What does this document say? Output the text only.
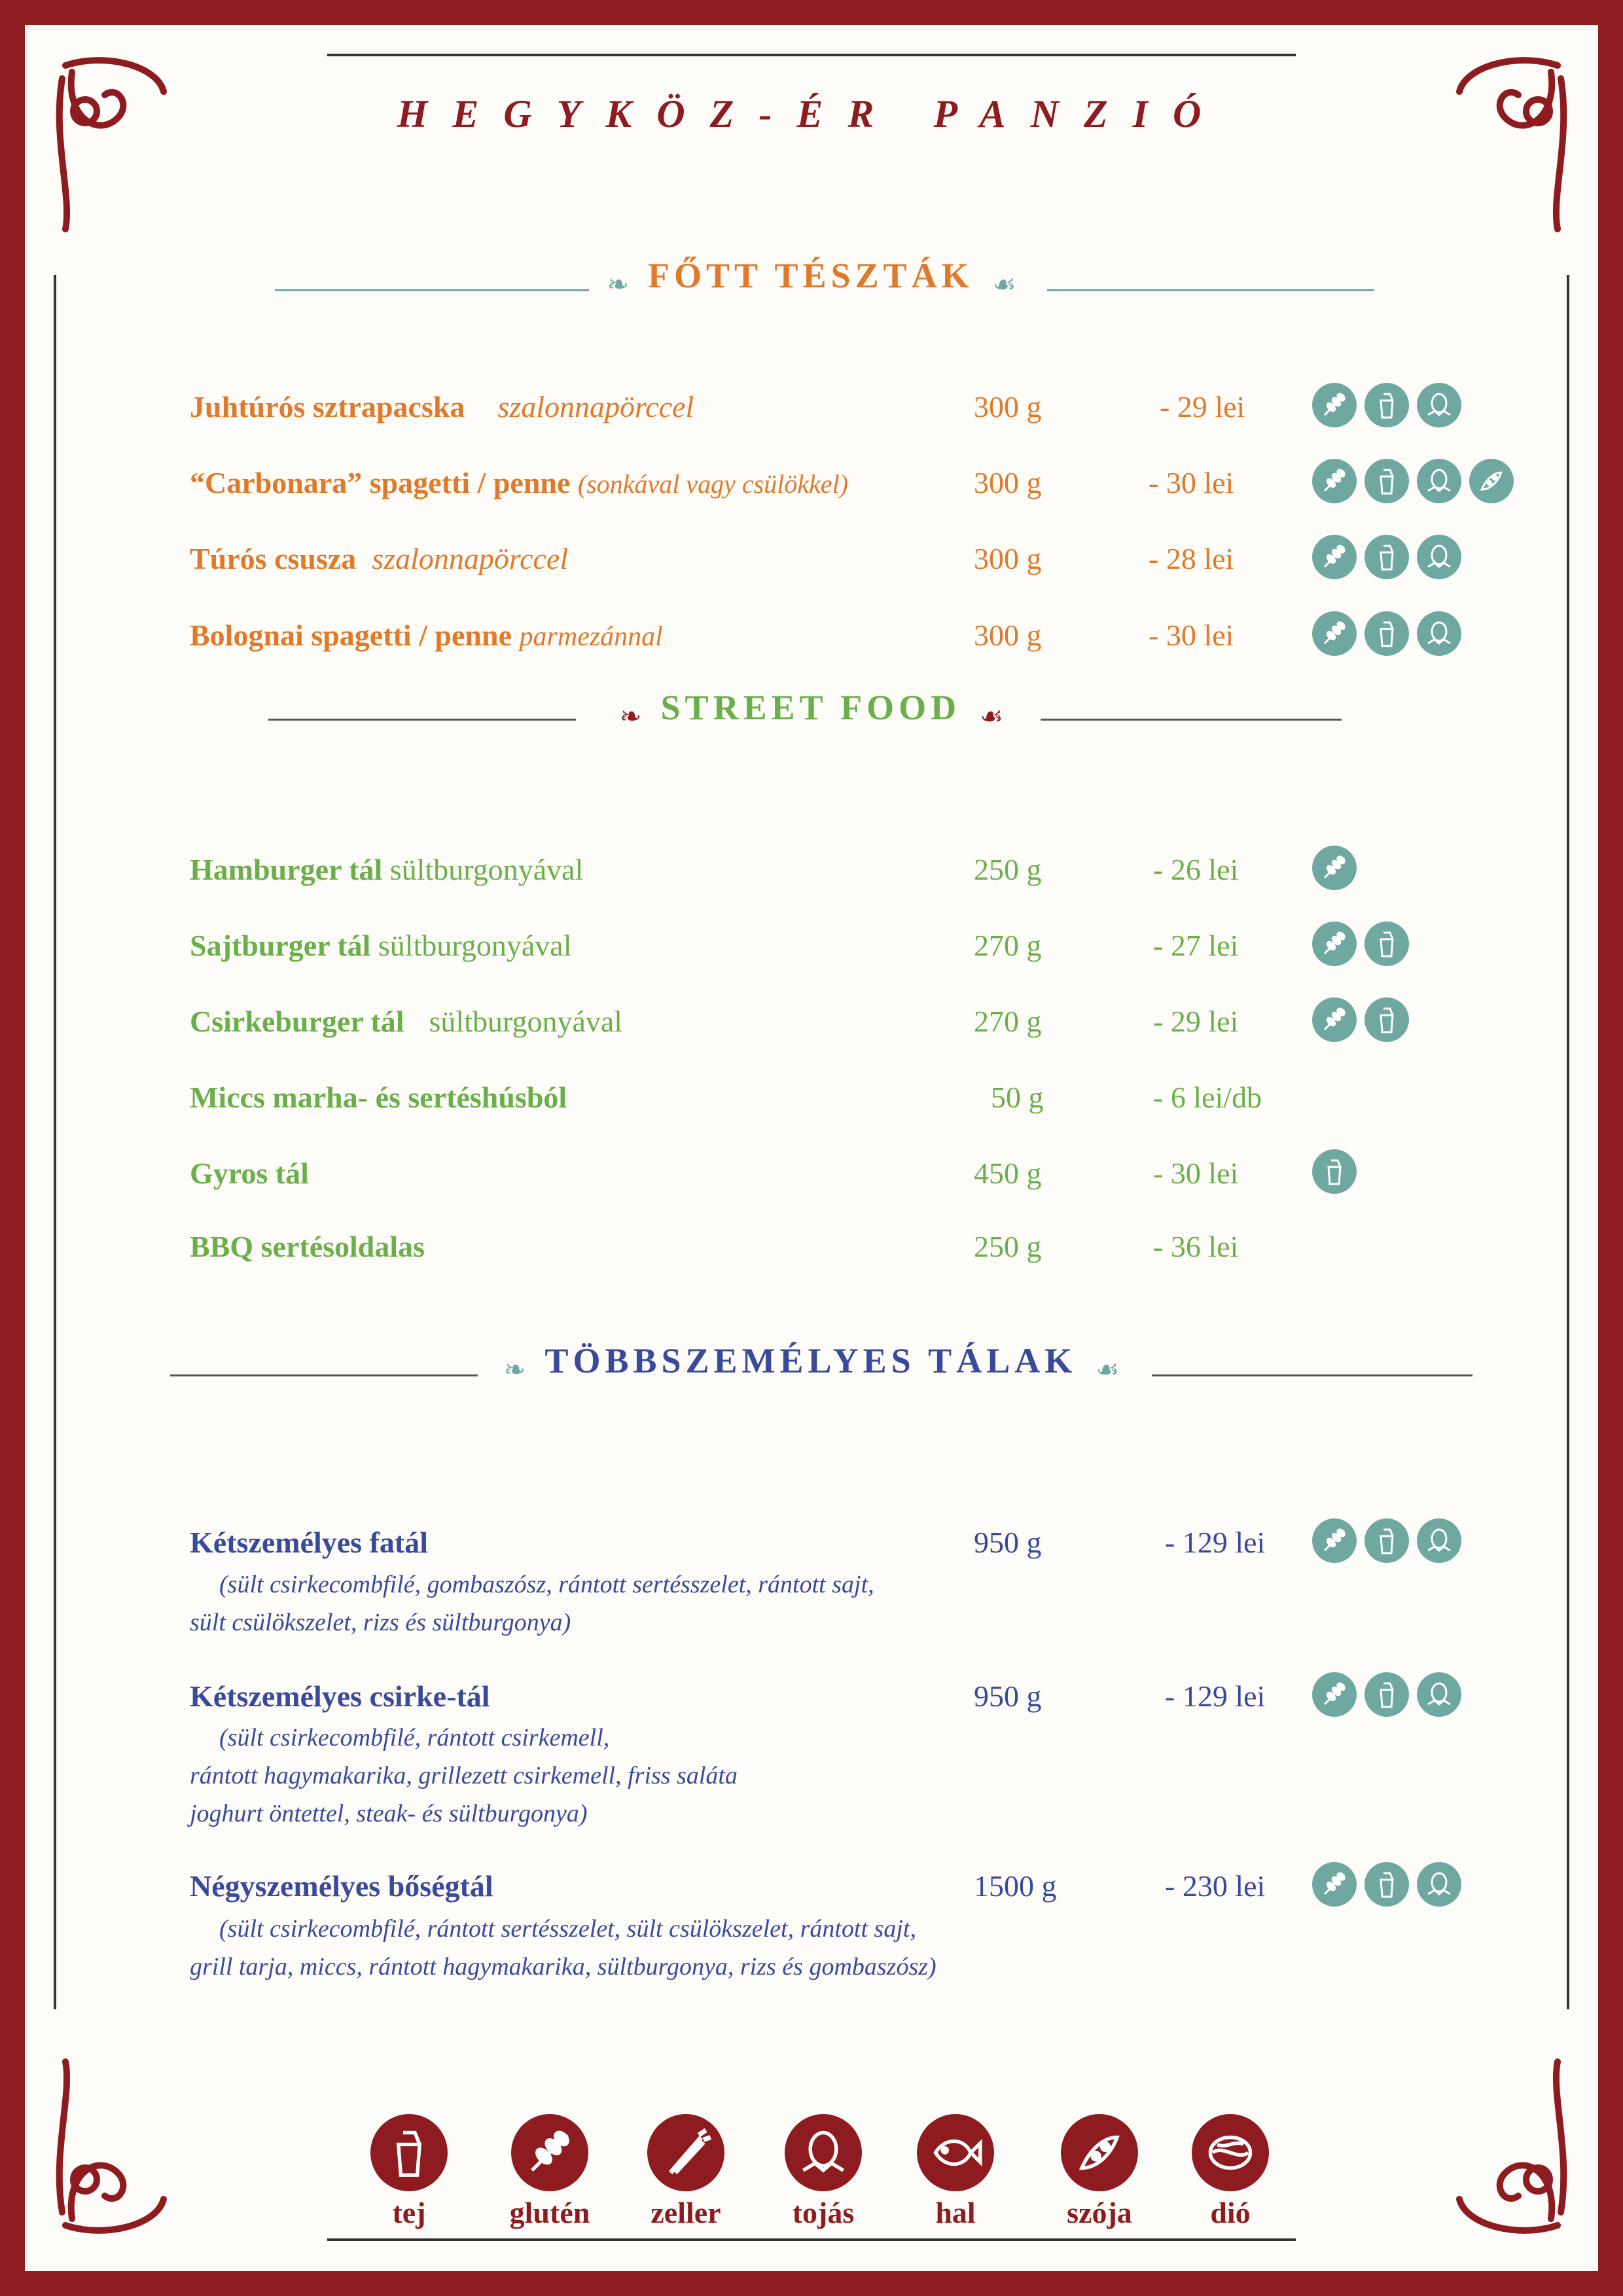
HEGYKÖZ-ÉR PANZIÓ
❧ FŐTT TÉSZTÁK ☙
Juhtúrós sztrapacska szalonnapörccel	300 g	- 29 lei
“Carbonara” spagetti / penne (sonkával vagy csülökkel)	300 g	- 30 lei
Túrós csusza szalonnapörccel	300 g	- 28 lei
Bolognai spagetti / penne parmezánnal	300 g	- 30 lei
❧ STREET FOOD ☙
Hamburger tál sültburgonyával	250 g	- 26 lei
Sajtburger tál sültburgonyával	270 g	- 27 lei
Csirkeburger tál sültburgonyával	270 g	- 29 lei
Miccs marha- és sertéshúsból	50 g	- 6 lei/db
Gyros tál	450 g	- 30 lei
BBQ sertésoldalas	250 g	- 36 lei
❧ TÖBBSZEMÉLYES TÁLAK ☙
Kétszemélyes fatál	950 g	- 129 lei
(sült csirkecombfilé, gombaszósz, rántott sertésszelet, rántott sajt,
sült csülökszelet, rizs és sültburgonya)
Kétszemélyes csirke-tál	950 g	- 129 lei
(sült csirkecombfilé, rántott csirkemell,
rántott hagymakarika, grillezett csirkemell, friss saláta
joghurt öntettel, steak- és sültburgonya)
Négyszemélyes bőségtál	1500 g	- 230 lei
(sült csirkecombfilé, rántott sertésszelet, sült csülökszelet, rántott sajt,
grill tarja, miccs, rántott hagymakarika, sültburgonya, rizs és gombaszósz)
tej	glutén	zeller	tojás	hal	szója	dió
